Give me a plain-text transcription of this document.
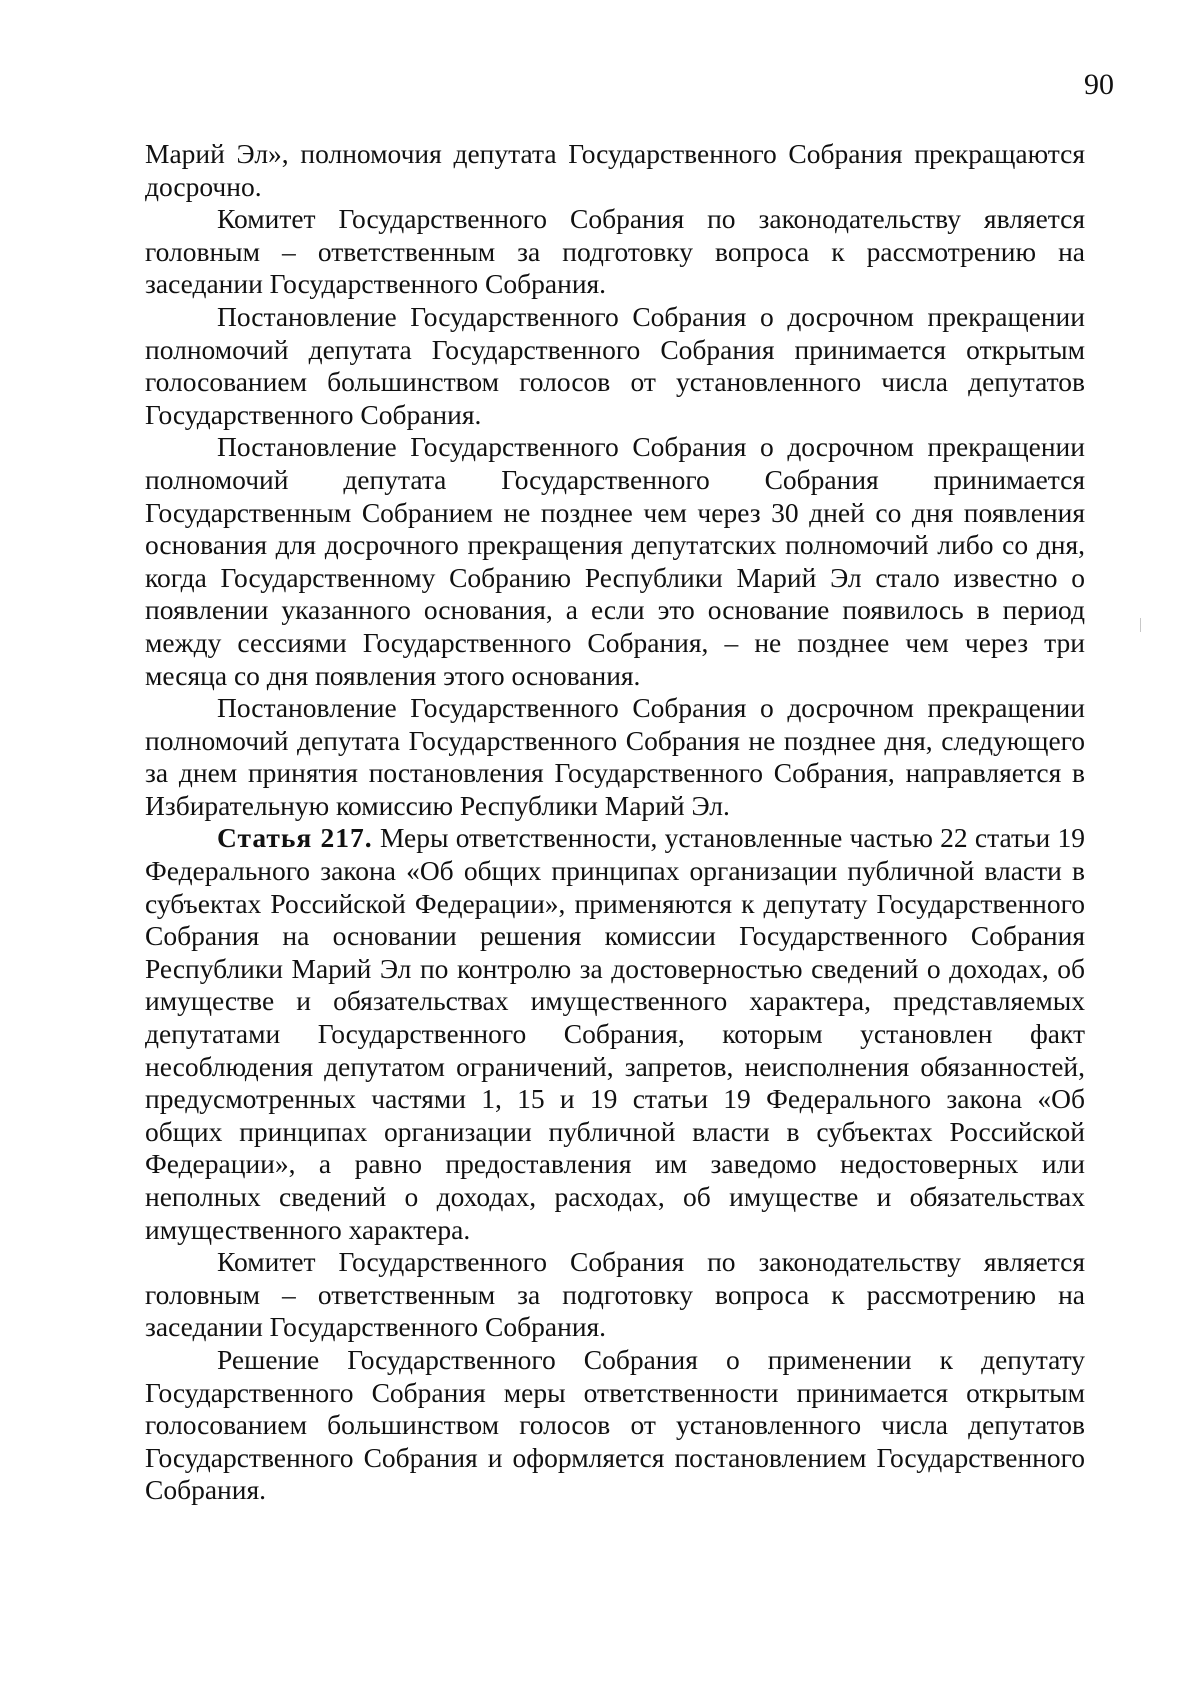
90

Марий Эл», полномочия депутата Государственного Собрания прекращаются досрочно.

Комитет Государственного Собрания по законодательству является головным – ответственным за подготовку вопроса к рассмотрению на заседании Государственного Собрания.

Постановление Государственного Собрания о досрочном прекращении полномочий депутата Государственного Собрания принимается открытым голосованием большинством голосов от установленного числа депутатов Государственного Собрания.

Постановление Государственного Собрания о досрочном прекращении полномочий депутата Государственного Собрания принимается Государственным Собранием не позднее чем через 30 дней со дня появления основания для досрочного прекращения депутатских полномочий либо со дня, когда Государственному Собранию Республики Марий Эл стало известно о появлении указанного основания, а если это основание появилось в период между сессиями Государственного Собрания, – не позднее чем через три месяца со дня появления этого основания.

Постановление Государственного Собрания о досрочном прекращении полномочий депутата Государственного Собрания не позднее дня, следующего за днем принятия постановления Государственного Собрания, направляется в Избирательную комиссию Республики Марий Эл.

Статья 217. Меры ответственности, установленные частью 22 статьи 19 Федерального закона «Об общих принципах организации публичной власти в субъектах Российской Федерации», применяются к депутату Государственного Собрания на основании решения комиссии Государственного Собрания Республики Марий Эл по контролю за достоверностью сведений о доходах, об имуществе и обязательствах имущественного характера, представляемых депутатами Государственного Собрания, которым установлен факт несоблюдения депутатом ограничений, запретов, неисполнения обязанностей, предусмотренных частями 1, 15 и 19 статьи 19 Федерального закона «Об общих принципах организации публичной власти в субъектах Российской Федерации», а равно предоставления им заведомо недостоверных или неполных сведений о доходах, расходах, об имуществе и обязательствах имущественного характера.

Комитет Государственного Собрания по законодательству является головным – ответственным за подготовку вопроса к рассмотрению на заседании Государственного Собрания.

Решение Государственного Собрания о применении к депутату Государственного Собрания меры ответственности принимается открытым голосованием большинством голосов от установленного числа депутатов Государственного Собрания и оформляется постановлением Государственного Собрания.
